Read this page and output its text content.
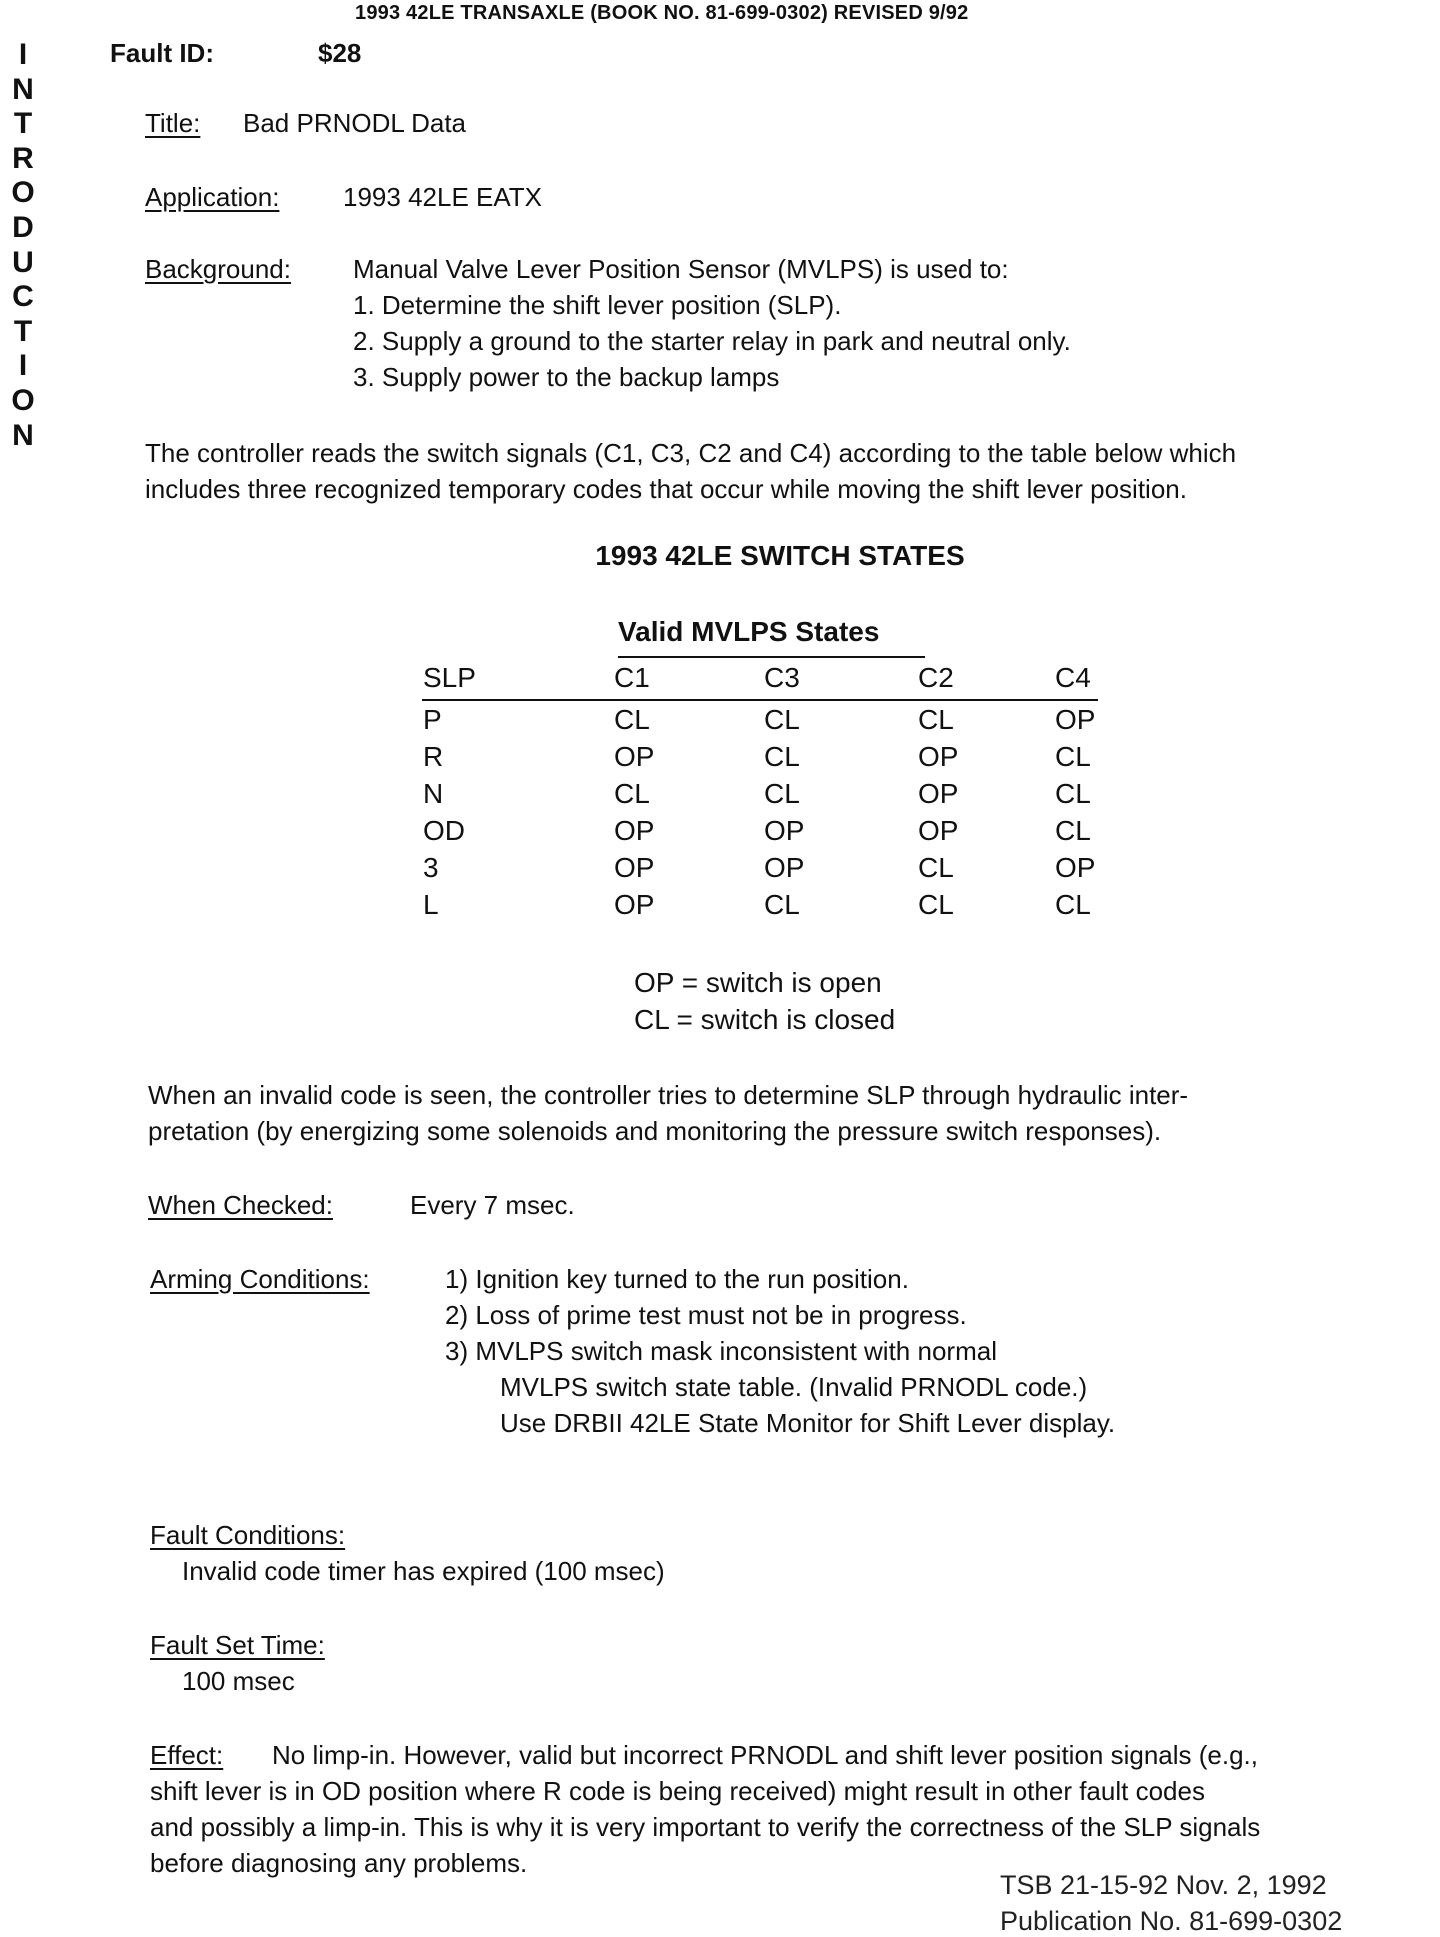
1993 42LE TRANSAXLE (BOOK NO. 81-699-0302) REVISED 9/92
I
N
T
R
O
D
U
C
T
I
O
N
Fault ID:	$28
Title: Bad PRNODL Data
Application: 1993 42LE EATX
Background: Manual Valve Lever Position Sensor (MVLPS) is used to:
1. Determine the shift lever position (SLP).
2. Supply a ground to the starter relay in park and neutral only.
3. Supply power to the backup lamps
The controller reads the switch signals (C1, C3, C2 and C4) according to the table below which
includes three recognized temporary codes that occur while moving the shift lever position.
1993 42LE SWITCH STATES
Valid MVLPS States
SLP	C1	C3	C2	C4
P	CL	CL	CL	OP
R	OP	CL	OP	CL
N	CL	CL	OP	CL
OD	OP	OP	OP	CL
3	OP	OP	CL	OP
L	OP	CL	CL	CL
OP = switch is open
CL = switch is closed
When an invalid code is seen, the controller tries to determine SLP through hydraulic inter-
pretation (by energizing some solenoids and monitoring the pressure switch responses).
When Checked:	Every 7 msec.
Arming Conditions:	1) Ignition key turned to the run position.
2) Loss of prime test must not be in progress.
3) MVLPS switch mask inconsistent with normal
MVLPS switch state table. (Invalid PRNODL code.)
Use DRBII 42LE State Monitor for Shift Lever display.
Fault Conditions:
Invalid code timer has expired (100 msec)
Fault Set Time:
100 msec
Effect: No limp-in. However, valid but incorrect PRNODL and shift lever position signals (e.g.,
shift lever is in OD position where R code is being received) might result in other fault codes
and possibly a limp-in. This is why it is very important to verify the correctness of the SLP signals
before diagnosing any problems.
TSB 21-15-92 Nov. 2, 1992
Publication No. 81-699-0302
